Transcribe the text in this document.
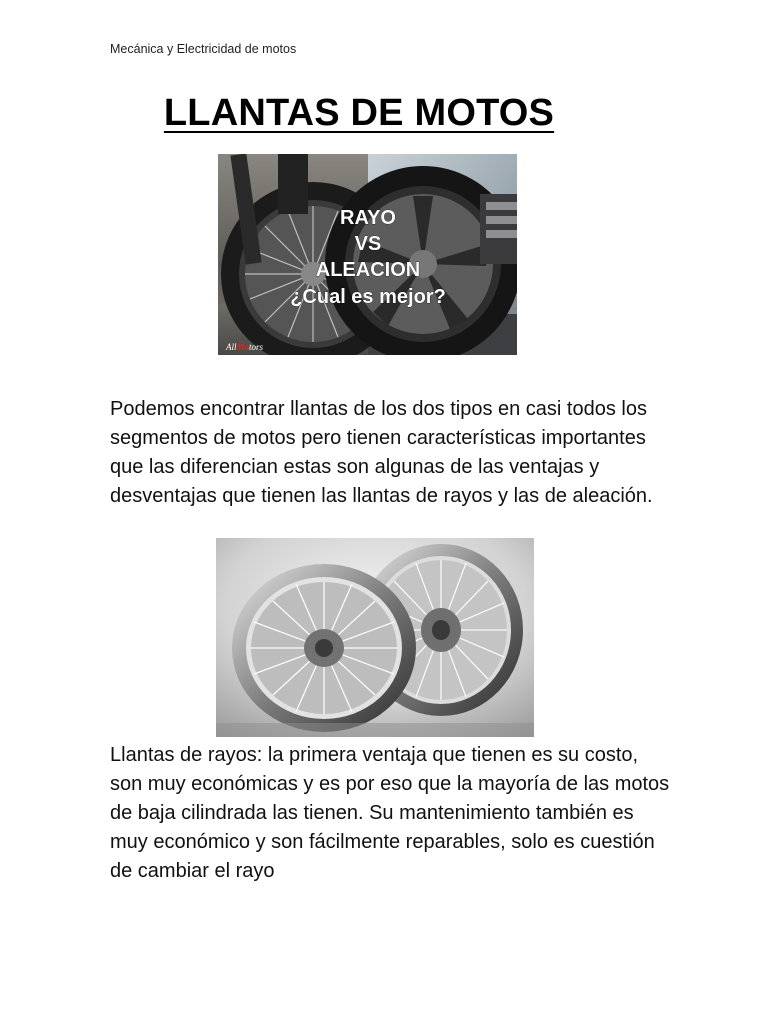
Mecánica y Electricidad de motos
LLANTAS DE MOTOS
RAYO
VS
ALEACION
¿Cual es mejor?
AllMotors
Podemos encontrar llantas de los dos tipos en casi todos los segmentos de motos pero tienen características importantes que las diferencian estas son algunas de las ventajas y desventajas que tienen las llantas de rayos y las de aleación.
Llantas de rayos: la primera ventaja que tienen es su costo, son muy económicas y es por eso que la mayoría de las motos de baja cilindrada las tienen. Su mantenimiento también es muy económico y son fácilmente reparables, solo es cuestión de cambiar el rayo
